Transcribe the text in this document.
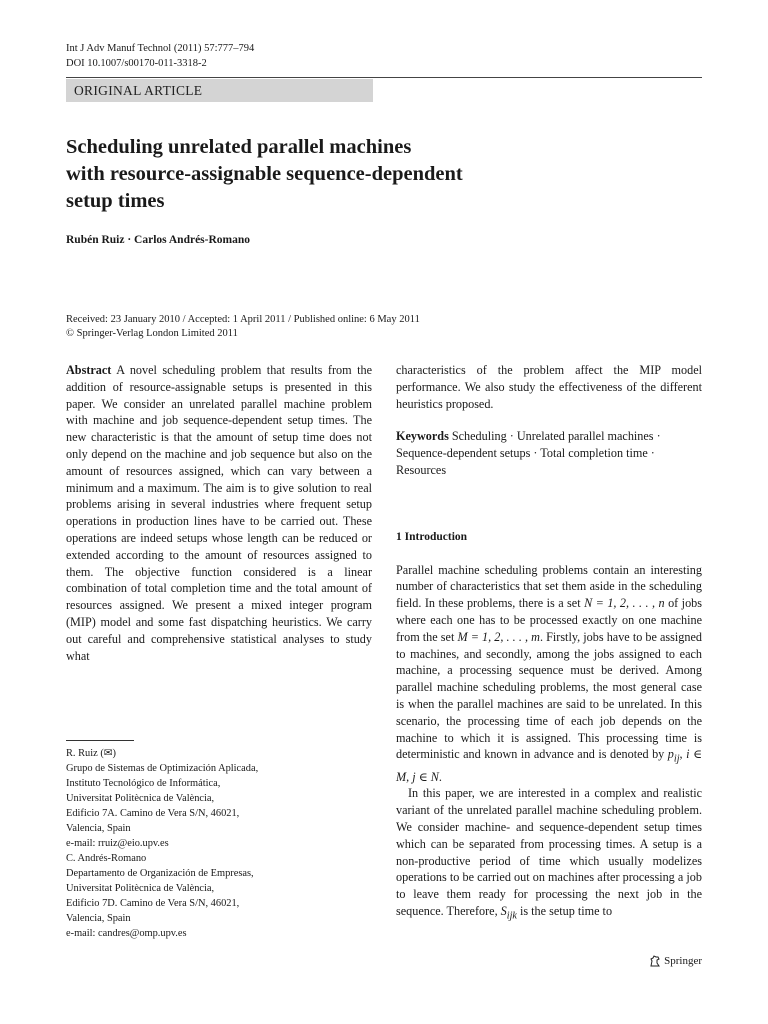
Int J Adv Manuf Technol (2011) 57:777–794
DOI 10.1007/s00170-011-3318-2
ORIGINAL ARTICLE
Scheduling unrelated parallel machines
with resource-assignable sequence-dependent
setup times
Rubén Ruiz · Carlos Andrés-Romano
Received: 23 January 2010 / Accepted: 1 April 2011 / Published online: 6 May 2011
© Springer-Verlag London Limited 2011

Abstract A novel scheduling problem that results from the addition of resource-assignable setups is presented in this paper. We consider an unrelated parallel machine problem with machine and job sequence-dependent setup times. The new characteristic is that the amount of setup time does not only depend on the machine and job sequence but also on the amount of resources assigned, which can vary between a minimum and a maximum. The aim is to give solution to real problems arising in several industries where frequent setup operations in production lines have to be carried out. These operations are indeed setups whose length can be reduced or extended according to the amount of resources assigned to them. The objective function considered is a linear combination of total completion time and the total amount of resources assigned. We present a mixed integer program (MIP) model and some fast dispatching heuristics. We carry out careful and comprehensive statistical analyses to study what

R. Ruiz (✉)
Grupo de Sistemas de Optimización Aplicada,
Instituto Tecnológico de Informática,
Universitat Politècnica de València,
Edificio 7A. Camino de Vera S/N, 46021,
Valencia, Spain
e-mail: rruiz@eio.upv.es
C. Andrés-Romano
Departamento de Organización de Empresas,
Universitat Politècnica de València,
Edificio 7D. Camino de Vera S/N, 46021,
Valencia, Spain
e-mail: candres@omp.upv.es

characteristics of the problem affect the MIP model performance. We also study the effectiveness of the different heuristics proposed.

Keywords Scheduling · Unrelated parallel machines · Sequence-dependent setups · Total completion time · Resources

1 Introduction

Parallel machine scheduling problems contain an interesting number of characteristics that set them aside in the scheduling field. In these problems, there is a set N = 1, 2, . . . , n of jobs where each one has to be processed exactly on one machine from the set M = 1, 2, . . . , m. Firstly, jobs have to be assigned to machines, and secondly, among the jobs assigned to each machine, a processing sequence must be derived. Among parallel machine scheduling problems, the most general case is when the parallel machines are said to be unrelated. In this scenario, the processing time of each job depends on the machine to which it is assigned. This processing time is deterministic and known in advance and is denoted by $p_{ij}$, i ∈ M, j ∈ N.

In this paper, we are interested in a complex and realistic variant of the unrelated parallel machine scheduling problem. We consider machine- and sequence-dependent setup times which can be separated from processing times. A setup is a non-productive period of time which usually modelizes operations to be carried out on machines after processing a job to leave them ready for processing the next job in the sequence. Therefore, $S_{ijk}$ is the setup time to

Springer
